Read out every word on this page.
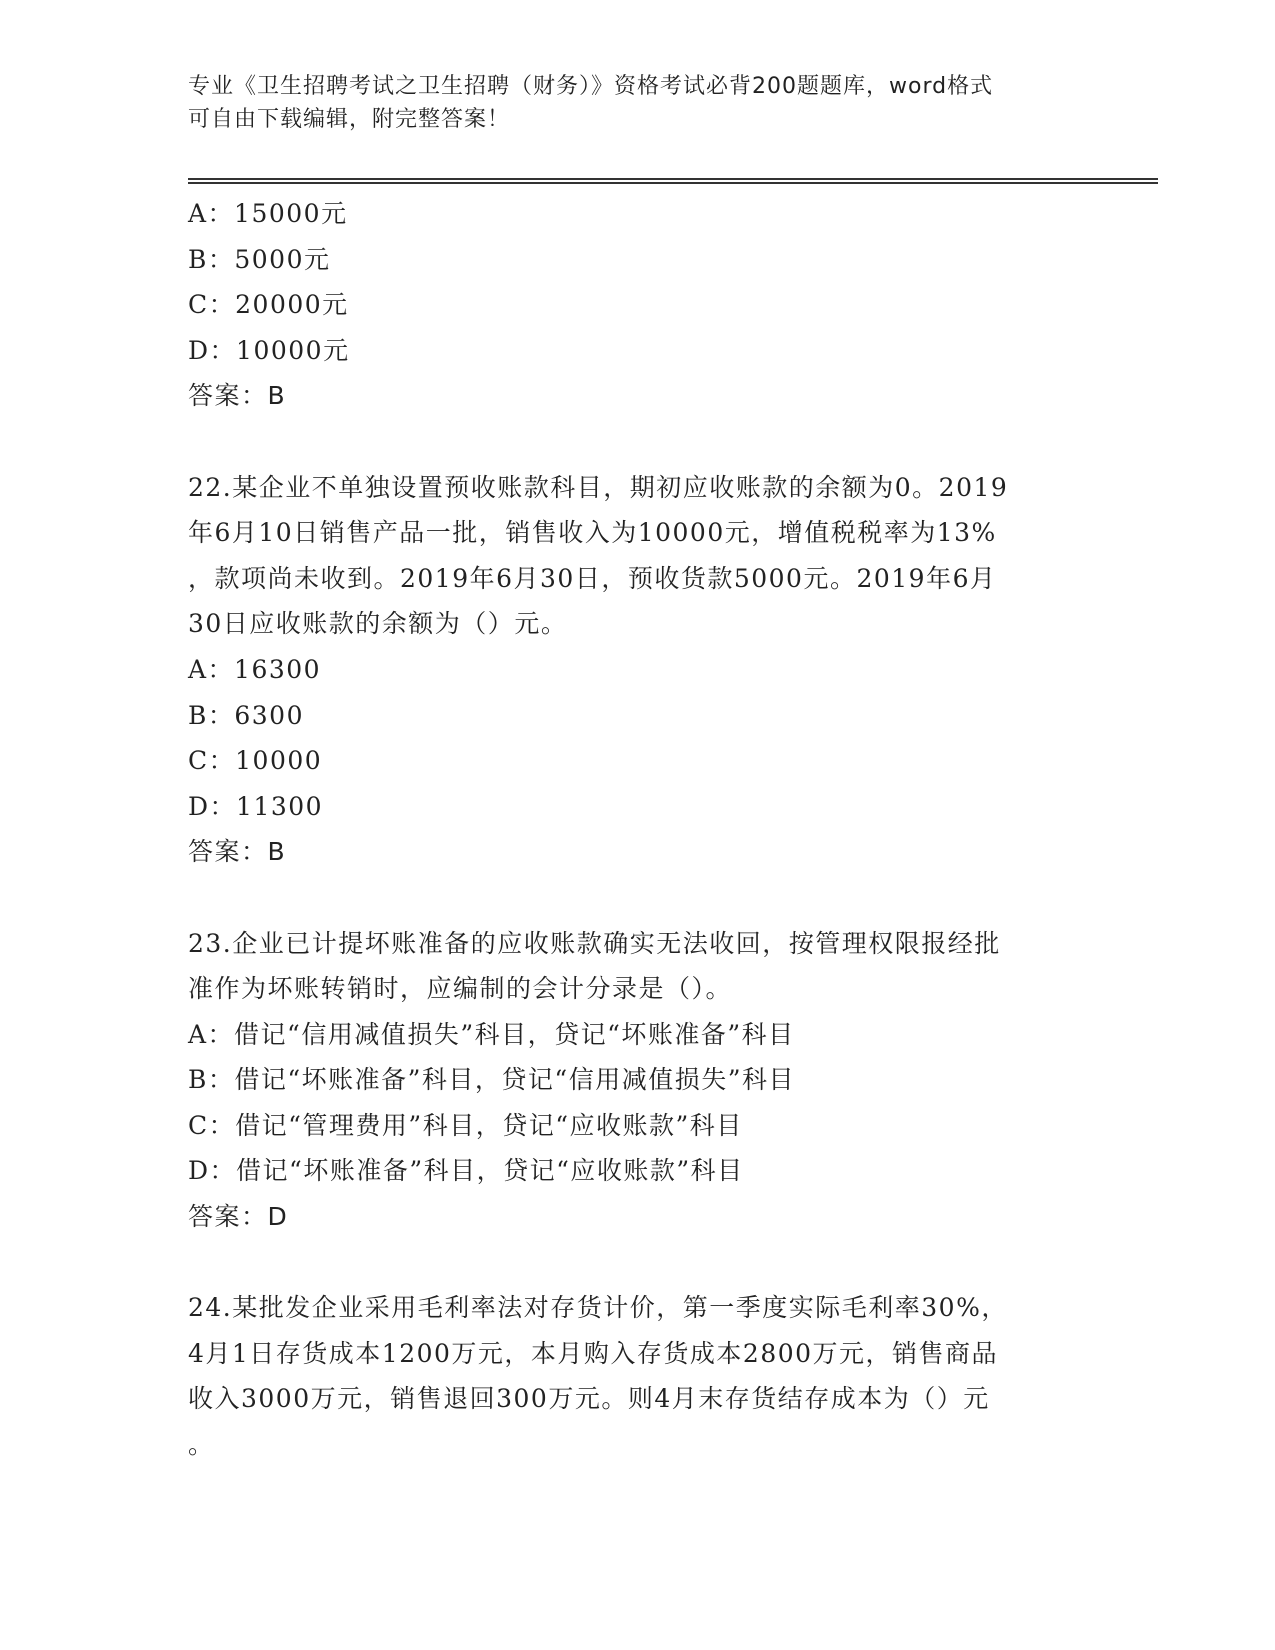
专业《卫生招聘考试之卫生招聘（财务）》资格考试必背200题题库，word格式
可自由下载编辑，附完整答案！
A：15000元
B：5000元
C：20000元
D：10000元
答案：B
22.某企业不单独设置预收账款科目，期初应收账款的余额为0。2019
年6月10日销售产品一批，销售收入为10000元，增值税税率为13%
，款项尚未收到。2019年6月30日，预收货款5000元。2019年6月
30日应收账款的余额为（）元。
A：16300
B：6300
C：10000
D：11300
答案：B
23.企业已计提坏账准备的应收账款确实无法收回，按管理权限报经批
准作为坏账转销时，应编制的会计分录是（）。
A：借记“信用减值损失”科目，贷记“坏账准备”科目
B：借记“坏账准备”科目，贷记“信用减值损失”科目
C：借记“管理费用”科目，贷记“应收账款”科目
D：借记“坏账准备”科目，贷记“应收账款”科目
答案：D
24.某批发企业采用毛利率法对存货计价，第一季度实际毛利率30%，
4月1日存货成本1200万元，本月购入存货成本2800万元，销售商品
收入3000万元，销售退回300万元。则4月末存货结存成本为（）元
。
